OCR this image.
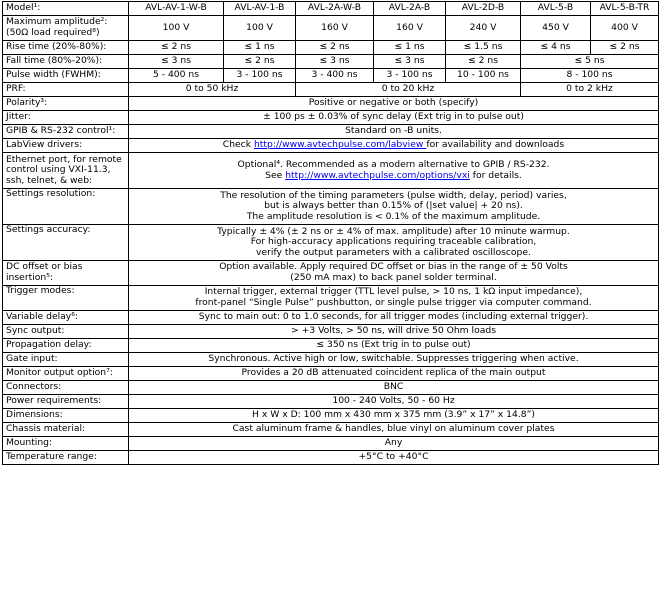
Model¹:	AVL-AV-1-W-B	AVL-AV-1-B	AVL-2A-W-B	AVL-2A-B	AVL-2D-B	AVL-5-B	AVL-5-B-TR
Maximum amplitude²:
(50Ω load required⁸)	100 V	100 V	160 V	160 V	240 V	450 V	400 V
Rise time (20%-80%):	≤ 2 ns	≤ 1 ns	≤ 2 ns	≤ 1 ns	≤ 1.5 ns	≤ 4 ns	≤ 2 ns
Fall time (80%-20%):	≤ 3 ns	≤ 2 ns	≤ 3 ns	≤ 3 ns	≤ 2 ns	≤ 5 ns	
Pulse width (FWHM):	5 - 400 ns	3 - 100 ns	3 - 400 ns	3 - 100 ns	10 - 100 ns	8 - 100 ns	
PRF:	0 to 50 kHz		0 to 20 kHz			0 to 2 kHz	
Polarity³:	Positive or negative or both (specify)						
Jitter:	± 100 ps ± 0.03% of sync delay (Ext trig in to pulse out)						
GPIB & RS-232 control¹:	Standard on -B units.						
LabView drivers:	Check http://www.avtechpulse.com/labview for availability and downloads						
Ethernet port, for remote
control using VXI-11.3,
ssh, telnet, & web:	Optional⁴. Recommended as a modern alternative to GPIB / RS-232.
See http://www.avtechpulse.com/options/vxi for details.						
Settings resolution:	The resolution of the timing parameters (pulse width, delay, period) varies,
but is always better than 0.15% of (|set value| + 20 ns).
The amplitude resolution is < 0.1% of the maximum amplitude.						
Settings accuracy:	Typically ± 4% (± 2 ns or ± 4% of max. amplitude) after 10 minute warmup.
For high-accuracy applications requiring traceable calibration,
verify the output parameters with a calibrated oscilloscope.						
DC offset or bias
insertion⁵:	Option available. Apply required DC offset or bias in the range of ± 50 Volts
(250 mA max) to back panel solder terminal.						
Trigger modes:	Internal trigger, external trigger (TTL level pulse, > 10 ns, 1 kΩ input impedance),
front-panel “Single Pulse” pushbutton, or single pulse trigger via computer command.						
Variable delay⁶:	Sync to main out: 0 to 1.0 seconds, for all trigger modes (including external trigger).						
Sync output:	> +3 Volts, > 50 ns, will drive 50 Ohm loads						
Propagation delay:	≤ 350 ns (Ext trig in to pulse out)						
Gate input:	Synchronous. Active high or low, switchable. Suppresses triggering when active.						
Monitor output option⁷:	Provides a 20 dB attenuated coincident replica of the main output						
Connectors:	BNC						
Power requirements:	100 - 240 Volts, 50 - 60 Hz						
Dimensions:	H x W x D: 100 mm x 430 mm x 375 mm (3.9” x 17” x 14.8”)						
Chassis material:	Cast aluminum frame & handles, blue vinyl on aluminum cover plates						
Mounting:	Any						
Temperature range:	+5°C to +40°C						
